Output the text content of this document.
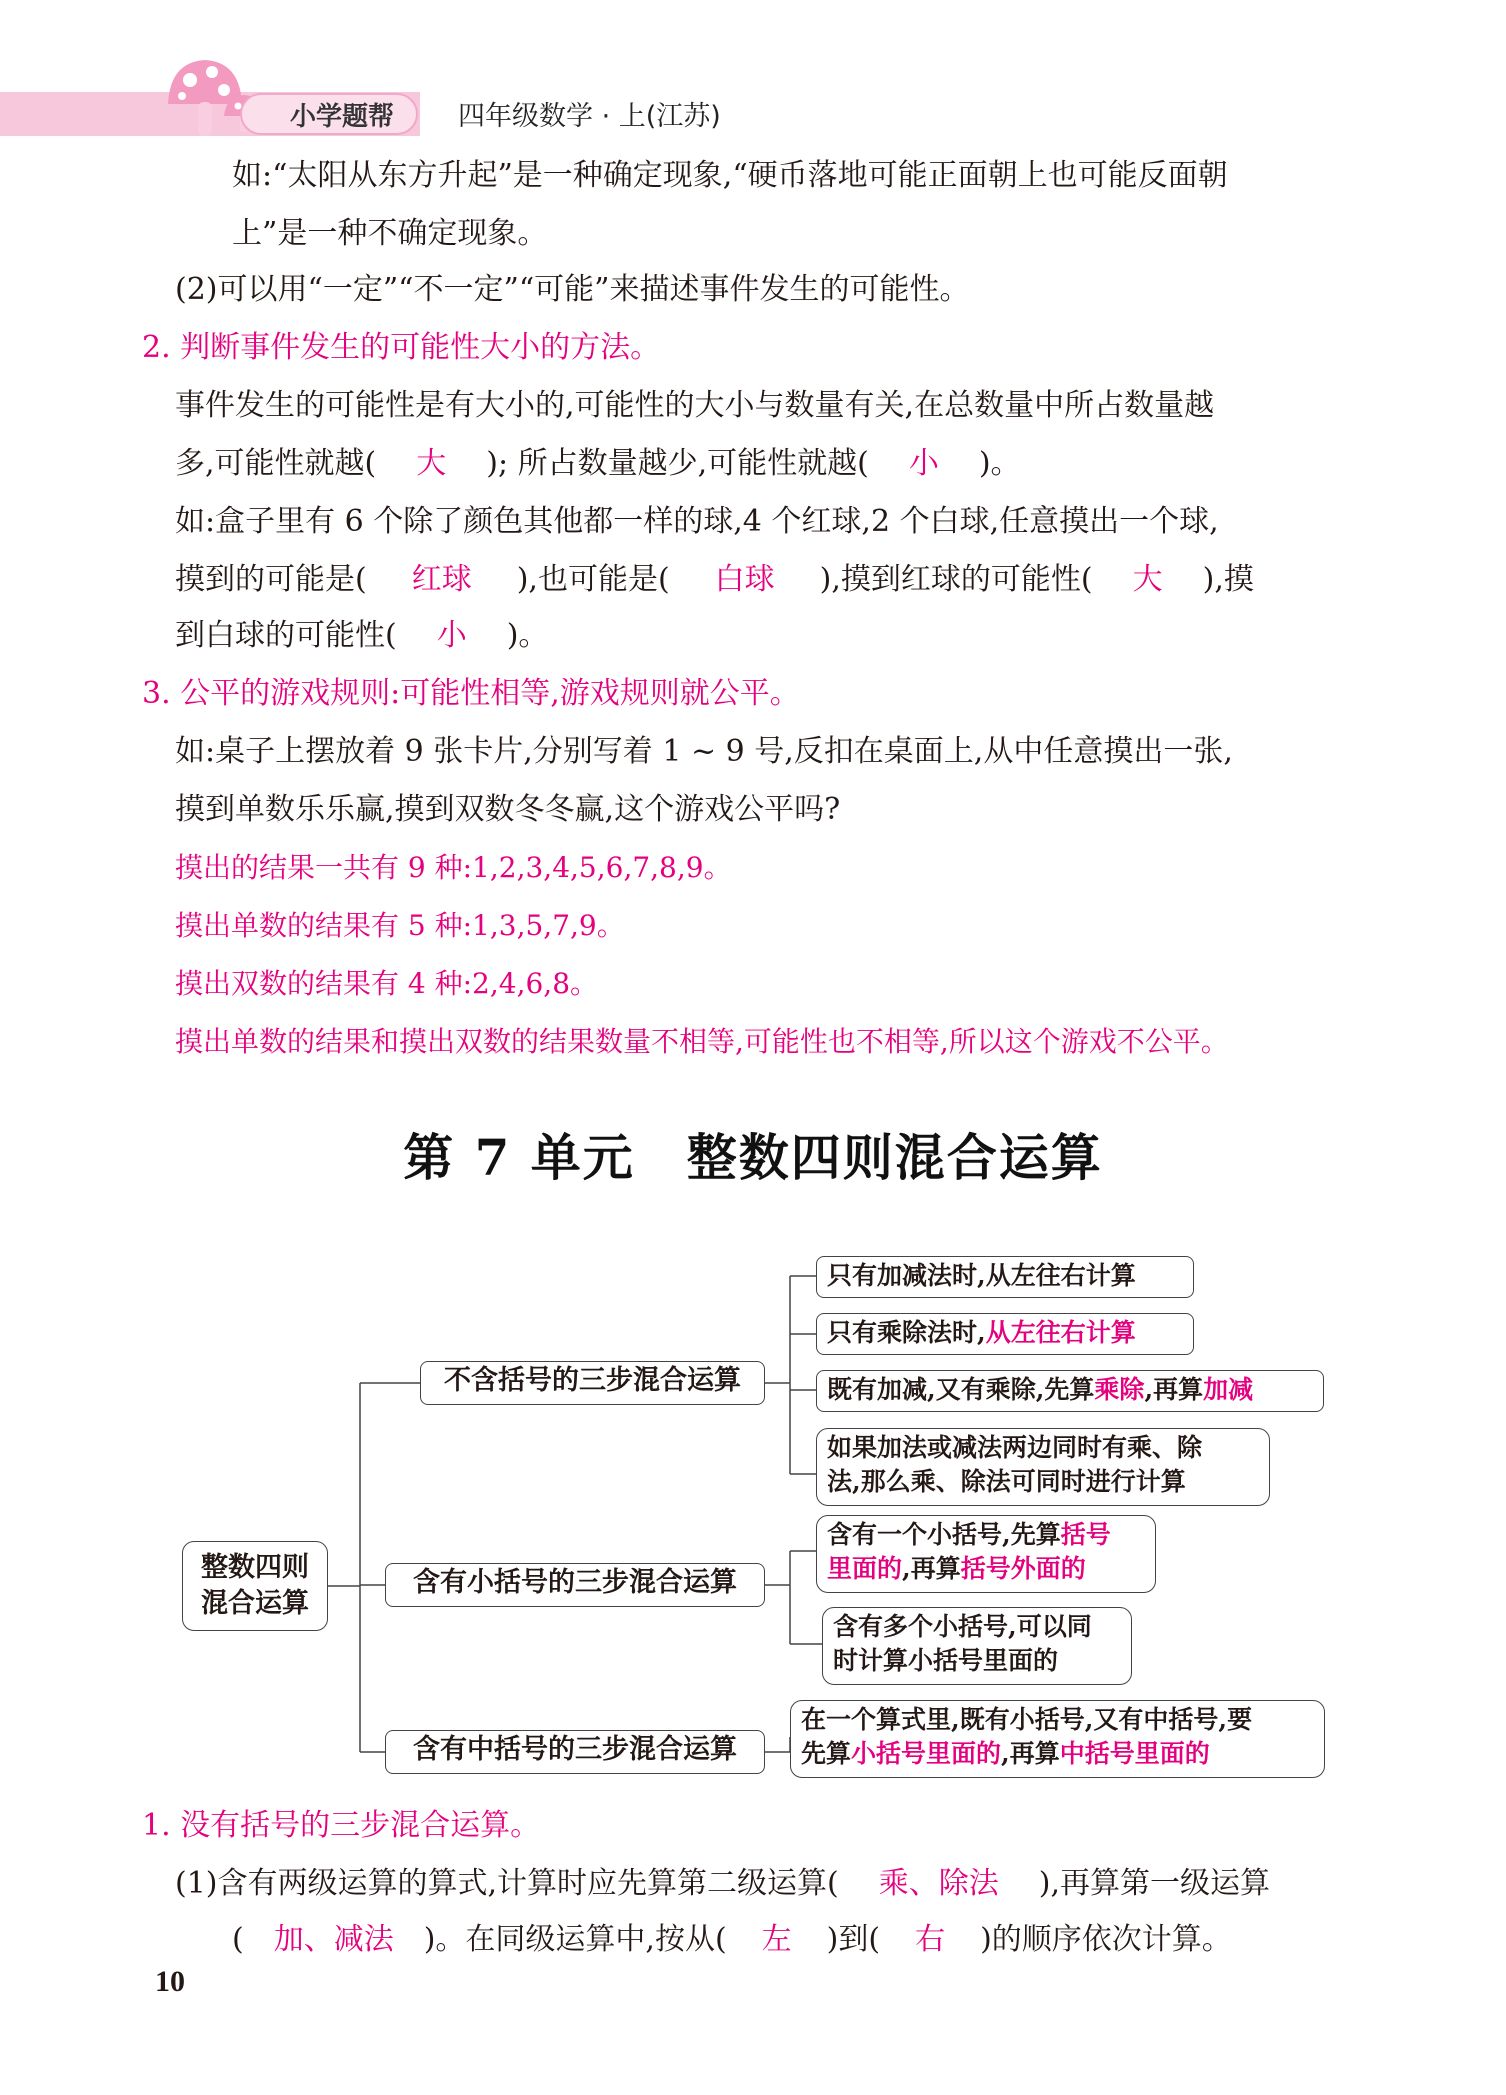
小学题帮 四年级数学 · 上(江苏)
如:“太阳从东方升起”是一种确定现象,“硬币落地可能正面朝上也可能反面朝
上”是一种不确定现象。
(2)可以用“一定”“不一定”“可能”来描述事件发生的可能性。
2. 判断事件发生的可能性大小的方法。
事件发生的可能性是有大小的,可能性的大小与数量有关,在总数量中所占数量越
多,可能性就越( 大 ); 所占数量越少,可能性就越( 小 )。
如:盒子里有 6 个除了颜色其他都一样的球,4 个红球,2 个白球,任意摸出一个球,
摸到的可能是( 红球 ),也可能是( 白球 ),摸到红球的可能性( 大 ),摸
到白球的可能性( 小 )。
3. 公平的游戏规则:可能性相等,游戏规则就公平。
如:桌子上摆放着 9 张卡片,分别写着 1 ~ 9 号,反扣在桌面上,从中任意摸出一张,
摸到单数乐乐赢,摸到双数冬冬赢,这个游戏公平吗?
摸出的结果一共有 9 种:1,2,3,4,5,6,7,8,9。
摸出单数的结果有 5 种:1,3,5,7,9。
摸出双数的结果有 4 种:2,4,6,8。
摸出单数的结果和摸出双数的结果数量不相等,可能性也不相等,所以这个游戏不公平。
第 7 单元　整数四则混合运算
整数四则
混合运算
不含括号的三步混合运算
只有加减法时,从左往右计算
只有乘除法时,从左往右计算
既有加减,又有乘除,先算乘除,再算加减
如果加法或减法两边同时有乘、除
法,那么乘、除法可同时进行计算
含有小括号的三步混合运算
含有一个小括号,先算括号
里面的,再算括号外面的
含有多个小括号,可以同
时计算小括号里面的
含有中括号的三步混合运算
在一个算式里,既有小括号,又有中括号,要
先算小括号里面的,再算中括号里面的
1. 没有括号的三步混合运算。
(1)含有两级运算的算式,计算时应先算第二级运算( 乘、除法 ),再算第一级运算
( 加、减法 )。在同级运算中,按从( 左 )到( 右 )的顺序依次计算。
10
